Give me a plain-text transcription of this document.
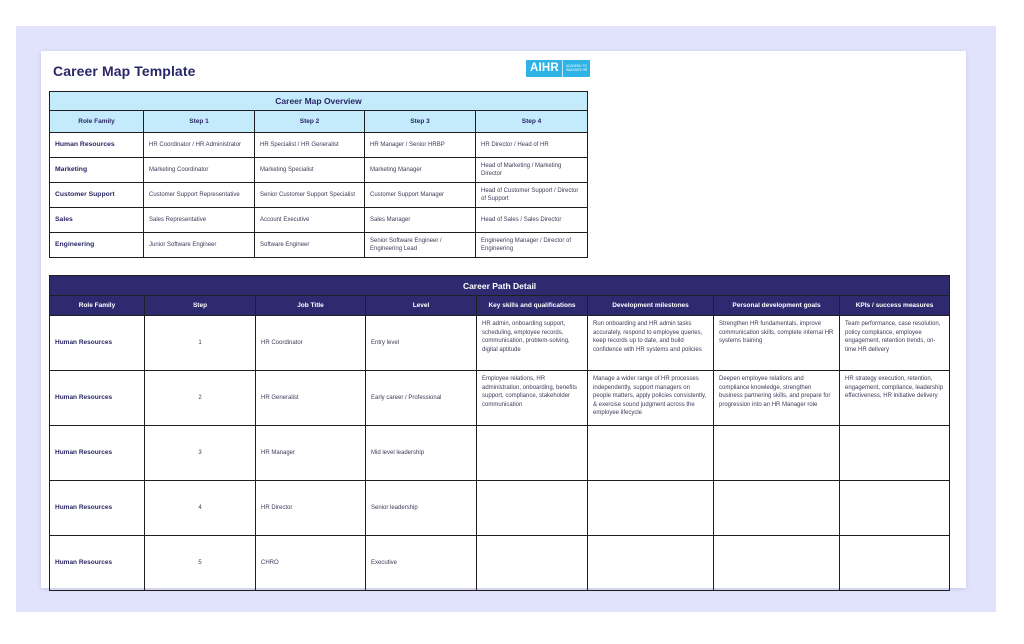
Career Map Template	AIHR	ACADEMY TO INNOVATE HR
Career Map Overview				
Role Family	Step 1	Step 2	Step 3	Step 4
Human Resources	HR Coordinator / HR Administrator	HR Specialist / HR Generalist	HR Manager / Senior HRBP	HR Director / Head of HR
Marketing	Marketing Coordinator	Marketing Specialist	Marketing Manager	Head of Marketing / Marketing Director
Customer Support	Customer Support Representative	Senior Customer Support Specialist	Customer Support Manager	Head of Customer Support / Director of Support
Sales	Sales Representative	Account Executive	Sales Manager	Head of Sales / Sales Director
Engineering	Junior Software Engineer	Software Engineer	Senior Software Engineer / Engineering Lead	Engineering Manager / Director of Engineering
Career Path Detail							
Role Family	Step	Job Title	Level	Key skills and qualifications	Development milestones	Personal development goals	KPIs / success measures
Human Resources	1	HR Coordinator	Entry level	HR admin, onboarding support, scheduling, employee records, communication, problem-solving, digital aptitude	Run onboarding and HR admin tasks accurately, respond to employee queries, keep records up to date, and build confidence with HR systems and policies	Strengthen HR fundamentals, improve communication skills, complete internal HR systems training	Team performance, case resolution, policy compliance, employee engagement, retention trends, on-time HR delivery
Human Resources	2	HR Generalist	Early career / Professional	Employee relations, HR administration, onboarding, benefits support, compliance, stakeholder communication	Manage a wider range of HR processes independently, support managers on people matters, apply policies consistently, & exercise sound judgment across the employee lifecycle	Deepen employee relations and compliance knowledge, strengthen business partnering skills, and prepare for progression into an HR Manager role	HR strategy execution, retention, engagement, compliance, leadership effectiveness, HR initiative delivery
Human Resources	3	HR Manager	Mid level leadership				
Human Resources	4	HR Director	Senior leadership				
Human Resources	5	CHRO	Executive				
